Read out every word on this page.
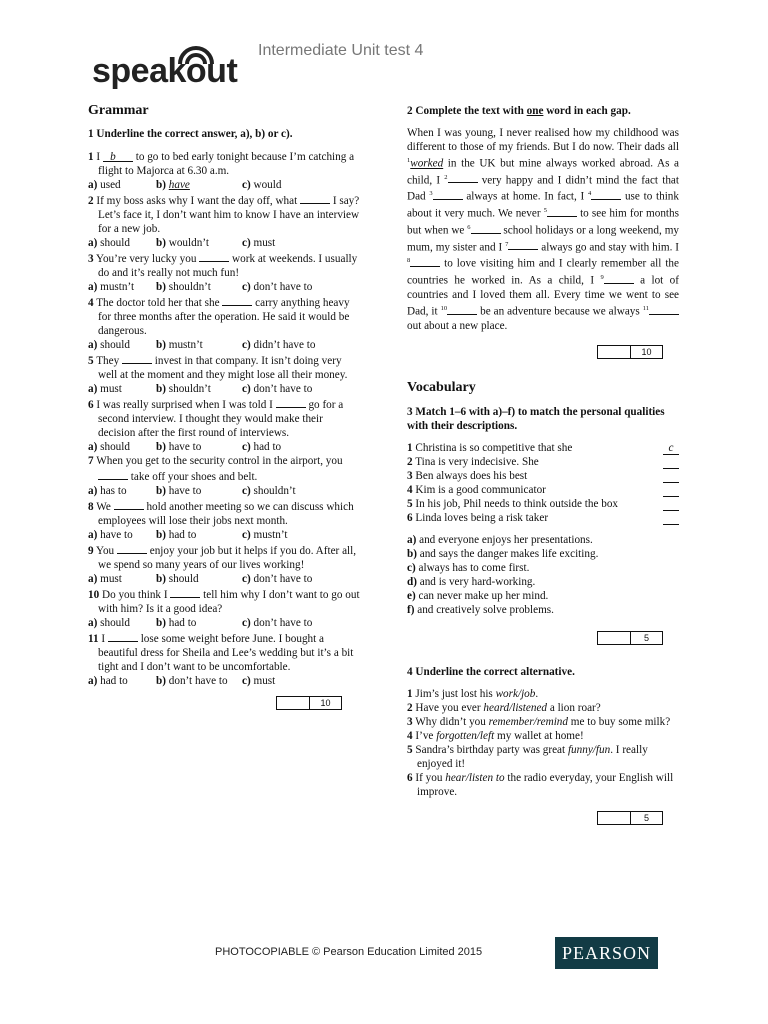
speakout
Intermediate Unit test 4
Grammar
1 Underline the correct answer, a), b) or c).
1 I b to go to bed early tonight because I’m catching a flight to Majorca at 6.30 a.m.
a) used	b) have	c) would
2 If my boss asks why I want the day off, what	I say? Let’s face it, I don’t want him to know I have an interview for a new job.
a) should	b) wouldn’t	c) must
3 You’re very lucky you	work at weekends. I usually do and it’s really not much fun!
a) mustn’t	b) shouldn’t	c) don’t have to
4 The doctor told her that she	carry anything heavy for three months after the operation. He said it would be dangerous.
a) should	b) mustn’t	c) didn’t have to
5 They	invest in that company. It isn’t doing very well at the moment and they might lose all their money.
a) must	b) shouldn’t	c) don’t have to
6 I was really surprised when I was told I	go for a second interview. I thought they would make their decision after the first round of interviews.
a) should	b) have to	c) had to
7 When you get to the security control in the airport, you  take off your shoes and belt.
a) has to	b) have to	c) shouldn’t
8 We	hold another meeting so we can discuss which employees will lose their jobs next month.
a) have to	b) had to	c) mustn’t
9 You	enjoy your job but it helps if you do. After all, we spend so many years of our lives working!
a) must	b) should	c) don’t have to
10 Do you think I	tell him why I don’t want to go out with him? Is it a good idea?
a) should	b) had to	c) don’t have to
11 I	lose some weight before June. I bought a beautiful dress for Sheila and Lee’s wedding but it’s a bit tight and I don’t want to be uncomfortable.
a) had to	b) don’t have to	c) must
10
2 Complete the text with one word in each gap.
When I was young, I never realised how my childhood was different to those of my friends. But I do now. Their dads all $^1$worked in the UK but mine always worked abroad. As a child, I $^2$	very happy and I didn’t mind the fact that Dad $^3$	always at home. In fact, I $^4$	use to think about it very much. We never $^5$	to see him for months but when we $^6$	school holidays or a long weekend, my mum, my sister and I $^7$	always go and stay with him. I $^8$	to love visiting him and I clearly remember all the countries he worked in. As a child, I $^9$	a lot of countries and I loved them all. Every time we went to see Dad, it $^{10}$	be an adventure because we always $^{11}$ out about a new place.
10
Vocabulary
3 Match 1–6 with a)–f) to match the personal qualities with their descriptions.
1 Christina is so competitive that she	c
2 Tina is very indecisive. She
3 Ben always does his best
4 Kim is a good communicator
5 In his job, Phil needs to think outside the box
6 Linda loves being a risk taker
a) and everyone enjoys her presentations.
b) and says the danger makes life exciting.
c) always has to come first.
d) and is very hard-working.
e) can never make up her mind.
f) and creatively solve problems.
5
4 Underline the correct alternative.
1 Jim’s just lost his work/job.
2 Have you ever heard/listened a lion roar?
3 Why didn’t you remember/remind me to buy some milk?
4 I’ve forgotten/left my wallet at home!
5 Sandra’s birthday party was great funny/fun. I really enjoyed it!
6 If you hear/listen to the radio everyday, your English will improve.
5
PHOTOCOPIABLE © Pearson Education Limited 2015	PEARSON
